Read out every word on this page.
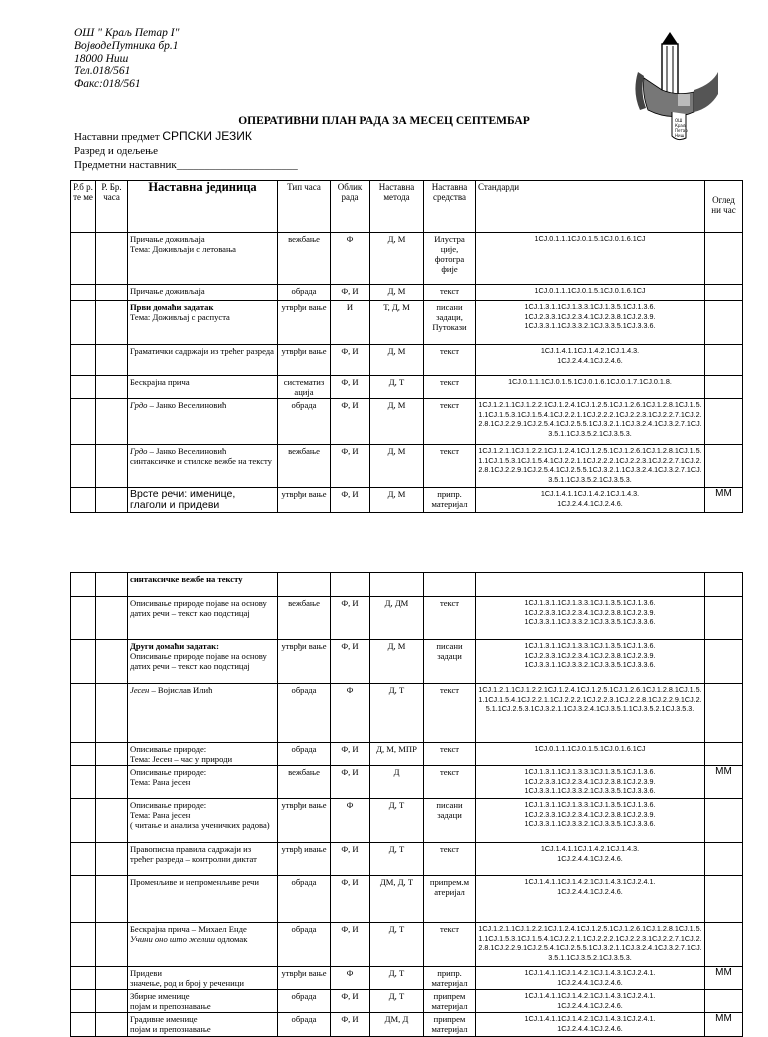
ОШ " Краљ Петар I"
ВојводеПутника бр.1
18000 Ниш
Тел.018/561
Факс:018/561
ОШ
Краљ
Петар
Ниш
ОПЕРАТИВНИ ПЛАН РАДА ЗА МЕСЕЦ СЕПТЕМБАР
Наставни предмет СРПСКИ ЈЕЗИК
Разред и одељење
Предметни наставник______________________
Р.б р. те ме	Р. Бр. часа	Наставна јединица	Тип часа	Облик рада	Наставна метода	Наставна средства	Стандарди	Оглед ни час
		Причање доживљаја
Тема: Доживљаји с летовања	вежбање	Ф	Д, М	Илустра ције, фотогра фије	1CJ.0.1.1.1CJ.0.1.5.1CJ.0.1.6.1CJ	
		Причање доживљаја	обрада	Ф, И	Д, М	текст	1CJ.0.1.1.1CJ.0.1.5.1CJ.0.1.6.1CJ	
		Први домаћи задатак
Тема: Доживљај с распуста	утврђи вање	И	Т, Д, М	писани задаци, Путокази	1CJ.1.3.1.1CJ.1.3.3.1CJ.1.3.5.1CJ.1.3.6.
1CJ.2.3.3.1CJ.2.3.4.1CJ.2.3.8.1CJ.2.3.9.
1CJ.3.3.1.1CJ.3.3.2.1CJ.3.3.5.1CJ.3.3.6.	
		Граматички садржаји из трећег разреда	утврђи вање	Ф, И	Д, М	текст	1CJ.1.4.1.1CJ.1.4.2.1CJ.1.4.3.
1CJ.2.4.4.1CJ.2.4.6.	
		Бескрајна прича	систематиз ација	Ф, И	Д, Т	текст	1CJ.0.1.1.1CJ.0.1.5.1CJ.0.1.6.1CJ.0.1.7.1CJ.0.1.8.	
		Грдо – Јанко Веселиновић	обрада	Ф, И	Д, М	текст	1CJ.1.2.1.1CJ.1.2.2.1CJ.1.2.4.1CJ.1.2.5.1CJ.1.2.6.1CJ.1.2.8.1CJ.1.5.1.1CJ.1.5.3.1CJ.1.5.4.1CJ.2.2.1.1CJ.2.2.2.1CJ.2.2.3.1CJ.2.2.7.1CJ.2.2.8.1CJ.2.2.9.1CJ.2.5.4.1CJ.2.5.5.1CJ.3.2.1.1CJ.3.2.4.1CJ.3.2.7.1CJ.3.5.1.1CJ.3.5.2.1CJ.3.5.3.	
		Грдо – Јанко Веселиновић
синтаксичке и стилске вежбе на тексту	вежбање	Ф, И	Д, М	текст	1CJ.1.2.1.1CJ.1.2.2.1CJ.1.2.4.1CJ.1.2.5.1CJ.1.2.6.1CJ.1.2.8.1CJ.1.5.1.1CJ.1.5.3.1CJ.1.5.4.1CJ.2.2.1.1CJ.2.2.2.1CJ.2.2.3.1CJ.2.2.7.1CJ.2.2.8.1CJ.2.2.9.1CJ.2.5.4.1CJ.2.5.5.1CJ.3.2.1.1CJ.3.2.4.1CJ.3.2.7.1CJ.3.5.1.1CJ.3.5.2.1CJ.3.5.3.	
		Врсте речи: именице,
глаголи и придеви	утврђи вање	Ф, И	Д, М	припр. материјал	1CJ.1.4.1.1CJ.1.4.2.1CJ.1.4.3.
1CJ.2.4.4.1CJ.2.4.6.	ММ
		синтаксичке вежбе на тексту						
		Описивање природе појаве на основу датих речи – текст као подстицај	вежбање	Ф, И	Д, ДМ	текст	1CJ.1.3.1.1CJ.1.3.3.1CJ.1.3.5.1CJ.1.3.6.
1CJ.2.3.3.1CJ.2.3.4.1CJ.2.3.8.1CJ.2.3.9.
1CJ.3.3.1.1CJ.3.3.2.1CJ.3.3.5.1CJ.3.3.6.	
		Други домаћи задатак:
Описивање природе појаве на основу датих речи – текст као подстицај	утврђи вање	Ф, И	Д, М	писани задаци	1CJ.1.3.1.1CJ.1.3.3.1CJ.1.3.5.1CJ.1.3.6.
1CJ.2.3.3.1CJ.2.3.4.1CJ.2.3.8.1CJ.2.3.9.
1CJ.3.3.1.1CJ.3.3.2.1CJ.3.3.5.1CJ.3.3.6.	
		Јесен – Војислав Илић	обрада	Ф	Д, Т	текст	1CJ.1.2.1.1CJ.1.2.2.1CJ.1.2.4.1CJ.1.2.5.1CJ.1.2.6.1CJ.1.2.8.1CJ.1.5.1.1CJ.1.5.4.1CJ.2.2.1.1CJ.2.2.2.1CJ.2.2.3.1CJ.2.2.8.1CJ.2.2.9.1CJ.2.5.1.1CJ.2.5.3.1CJ.3.2.1.1CJ.3.2.4.1CJ.3.5.1.1CJ.3.5.2.1CJ.3.5.3.	
		Описивање природе:
Тема: Јесен – час у природи	обрада	Ф, И	Д, М, МПР	текст	1CJ.0.1.1.1CJ.0.1.5.1CJ.0.1.6.1CJ	
		Описивање природе:
Тема: Рана јесен	вежбање	Ф, И	Д	текст	1CJ.1.3.1.1CJ.1.3.3.1CJ.1.3.5.1CJ.1.3.6.
1CJ.2.3.3.1CJ.2.3.4.1CJ.2.3.8.1CJ.2.3.9.
1CJ.3.3.1.1CJ.3.3.2.1CJ.3.3.5.1CJ.3.3.6.	ММ
		Описивање природе:
Тема: Рана јесен
( читање и анализа ученичких радова)	утврђи вање	Ф	Д, Т	писани задаци	1CJ.1.3.1.1CJ.1.3.3.1CJ.1.3.5.1CJ.1.3.6.
1CJ.2.3.3.1CJ.2.3.4.1CJ.2.3.8.1CJ.2.3.9.
1CJ.3.3.1.1CJ.3.3.2.1CJ.3.3.5.1CJ.3.3.6.	
		Правописна правила садржаји из трећег разреда – контролни диктат	утврђ ивање	Ф, И	Д, Т	текст	1CJ.1.4.1.1CJ.1.4.2.1CJ.1.4.3.
1CJ.2.4.4.1CJ.2.4.6.	
		Променљиве и непроменљиве речи	обрада	Ф, И	ДМ, Д, Т	припрем.м атеријал	1CJ.1.4.1.1CJ.1.4.2.1CJ.1.4.3.1CJ.2.4.1.
1CJ.2.4.4.1CJ.2.4.6.	
		Бескрајна прича – Михаел Енде
Учини оно што желиш одломак	обрада	Ф, И	Д, Т	текст	1CJ.1.2.1.1CJ.1.2.2.1CJ.1.2.4.1CJ.1.2.5.1CJ.1.2.6.1CJ.1.2.8.1CJ.1.5.1.1CJ.1.5.3.1CJ.1.5.4.1CJ.2.2.1.1CJ.2.2.2.1CJ.2.2.3.1CJ.2.2.7.1CJ.2.2.8.1CJ.2.2.9.1CJ.2.5.4.1CJ.2.5.5.1CJ.3.2.1.1CJ.3.2.4.1CJ.3.2.7.1CJ.3.5.1.1CJ.3.5.2.1CJ.3.5.3.	
		Придеви
значење, род и број у реченици	утврђи вање	Ф	Д, Т	припр. материјал	1CJ.1.4.1.1CJ.1.4.2.1CJ.1.4.3.1CJ.2.4.1.
1CJ.2.4.4.1CJ.2.4.6.	ММ
		Збирне именице
појам и препознавање	обрада	Ф, И	Д, Т	припрем материјал	1CJ.1.4.1.1CJ.1.4.2.1CJ.1.4.3.1CJ.2.4.1.
1CJ.2.4.4.1CJ.2.4.6.	
		Градивне именице
појам и препознавање	обрада	Ф, И	ДМ, Д	припрем материјал	1CJ.1.4.1.1CJ.1.4.2.1CJ.1.4.3.1CJ.2.4.1.
1CJ.2.4.4.1CJ.2.4.6.	ММ
